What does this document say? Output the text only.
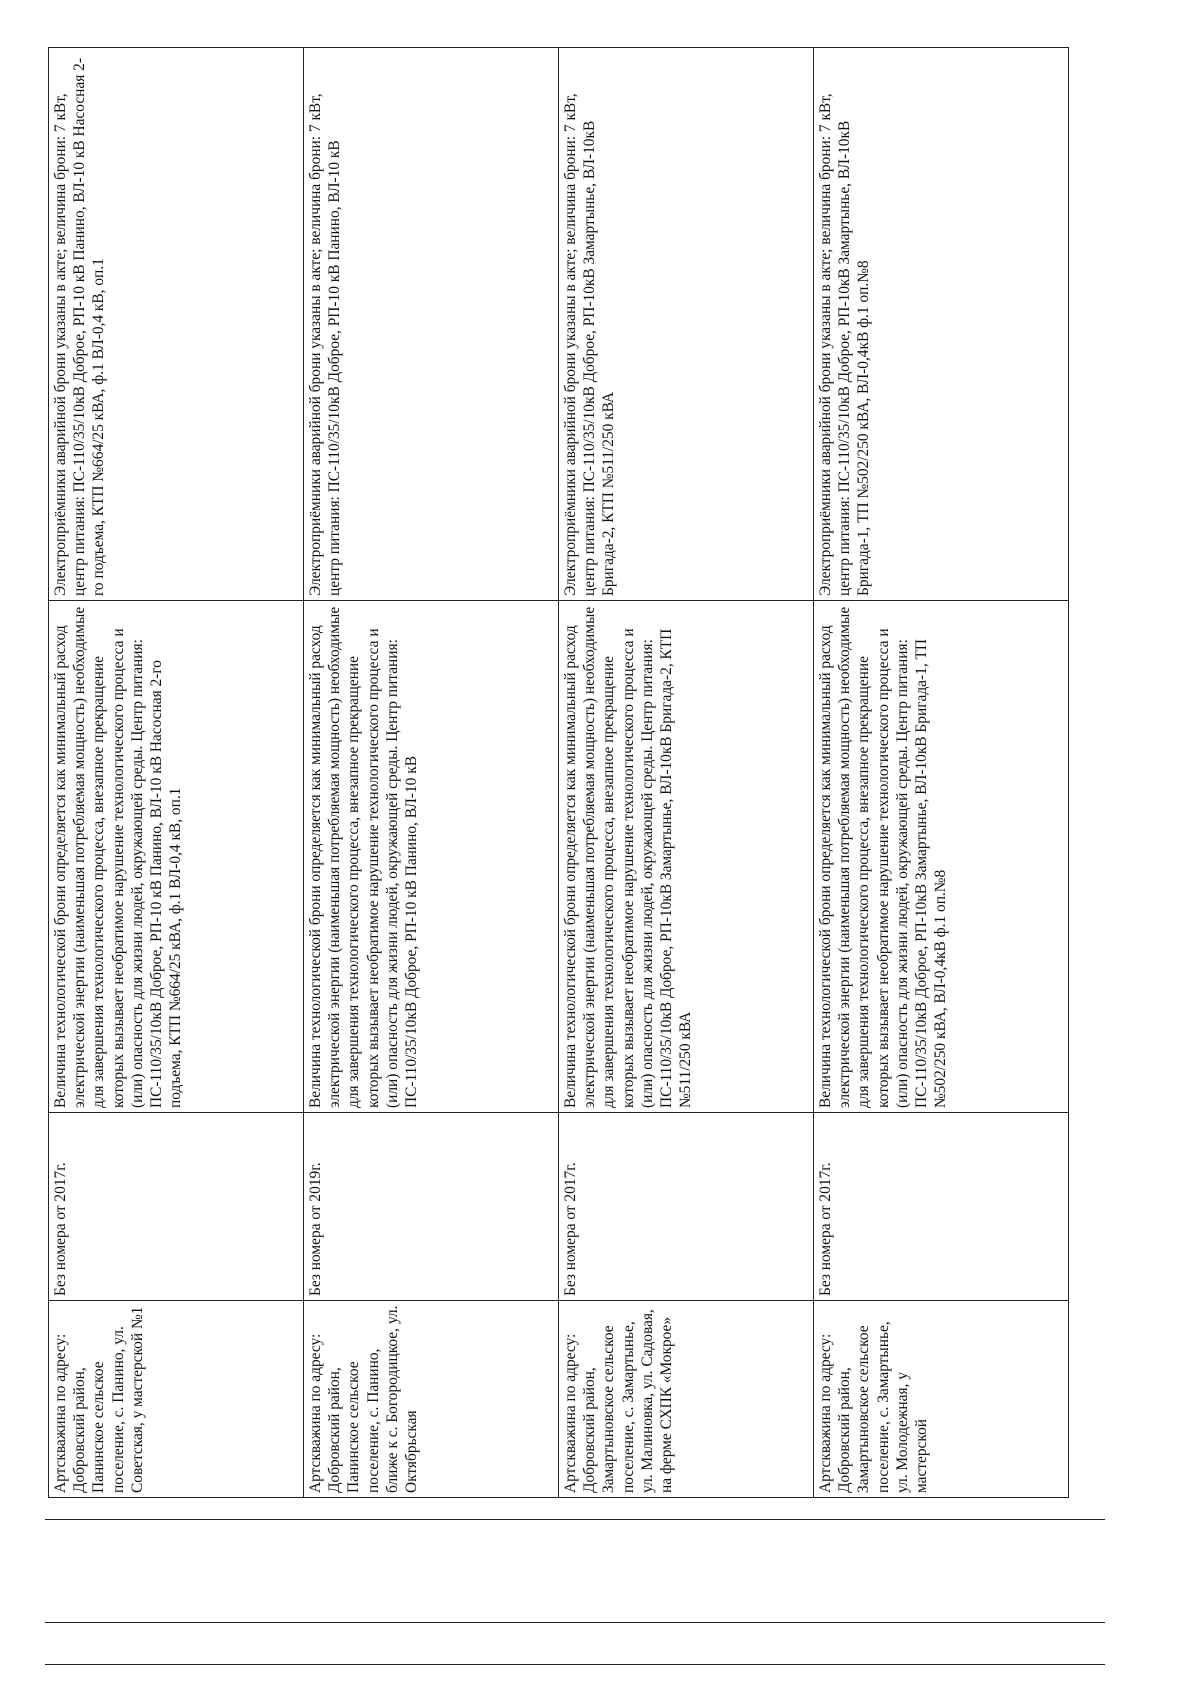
Артскважина по адресу: Добровский район, Панинское сельское поселение, с. Панино, ул. Советская, у мастерской №1	Без номера от 2017г.	Величина технологической брони определяется как минимальный расход электрической энергии (наименьшая потребляемая мощность) необходимые для завершения технологического процесса, внезапное прекращение которых вызывает необратимое нарушение технологического процесса и (или) опасность для жизни людей, окружающей среды. Центр питания: ПС-110/35/10кВ Доброе, РП-10 кВ Панино, ВЛ-10 кВ Насосная 2-го подъема, КТП №664/25 кВА, ф.1 ВЛ-0,4 кВ, оп.1	Электроприёмники аварийной брони указаны в акте; величина брони: 7 кВт, центр питания: ПС-110/35/10кВ Доброе, РП-10 кВ Панино, ВЛ-10 кВ Насосная 2-го подъема, КТП №664/25 кВА, ф.1 ВЛ-0,4 кВ, оп.1
Артскважина по адресу: Добровский район, Панинское сельское поселение, с. Панино, ближе к с. Богородицкое, ул. Октябрьская	Без номера от 2019г.	Величина технологической брони определяется как минимальный расход электрической энергии (наименьшая потребляемая мощность) необходимые для завершения технологического процесса, внезапное прекращение которых вызывает необратимое нарушение технологического процесса и (или) опасность для жизни людей, окружающей среды. Центр питания: ПС-110/35/10кВ Доброе, РП-10 кВ Панино, ВЛ-10 кВ	Электроприёмники аварийной брони указаны в акте; величина брони: 7 кВт, центр питания: ПС-110/35/10кВ Доброе, РП-10 кВ Панино, ВЛ-10 кВ
Артскважина по адресу: Добровский район, Замартыновское сельское поселение, с. Замартынье, ул. Малиновка, ул. Садовая, на ферме СХПК «Мокрое»	Без номера от 2017г.	Величина технологической брони определяется как минимальный расход электрической энергии (наименьшая потребляемая мощность) необходимые для завершения технологического процесса, внезапное прекращение которых вызывает необратимое нарушение технологического процесса и (или) опасность для жизни людей, окружающей среды. Центр питания: ПС-110/35/10кВ Доброе, РП-10кВ Замартынье, ВЛ-10кВ Бригада-2, КТП №511/250 кВА	Электроприёмники аварийной брони указаны в акте; величина брони: 7 кВт, центр питания: ПС-110/35/10кВ Доброе, РП-10кВ Замартынье, ВЛ-10кВ Бригада-2, КТП №511/250 кВА
Артскважина по адресу: Добровский район, Замартыновское сельское поселение, с. Замартынье, ул. Молодежная, у мастерской	Без номера от 2017г.	Величина технологической брони определяется как минимальный расход электрической энергии (наименьшая потребляемая мощность) необходимые для завершения технологического процесса, внезапное прекращение которых вызывает необратимое нарушение технологического процесса и (или) опасность для жизни людей, окружающей среды. Центр питания: ПС-110/35/10кВ Доброе, РП-10кВ Замартынье, ВЛ-10кВ Бригада-1, ТП №502/250 кВА, ВЛ-0,4кВ ф.1 оп.№8	Электроприёмники аварийной брони указаны в акте; величина брони: 7 кВт, центр питания: ПС-110/35/10кВ Доброе, РП-10кВ Замартынье, ВЛ-10кВ Бригада-1, ТП №502/250 кВА, ВЛ-0,4кВ ф.1 оп.№8
